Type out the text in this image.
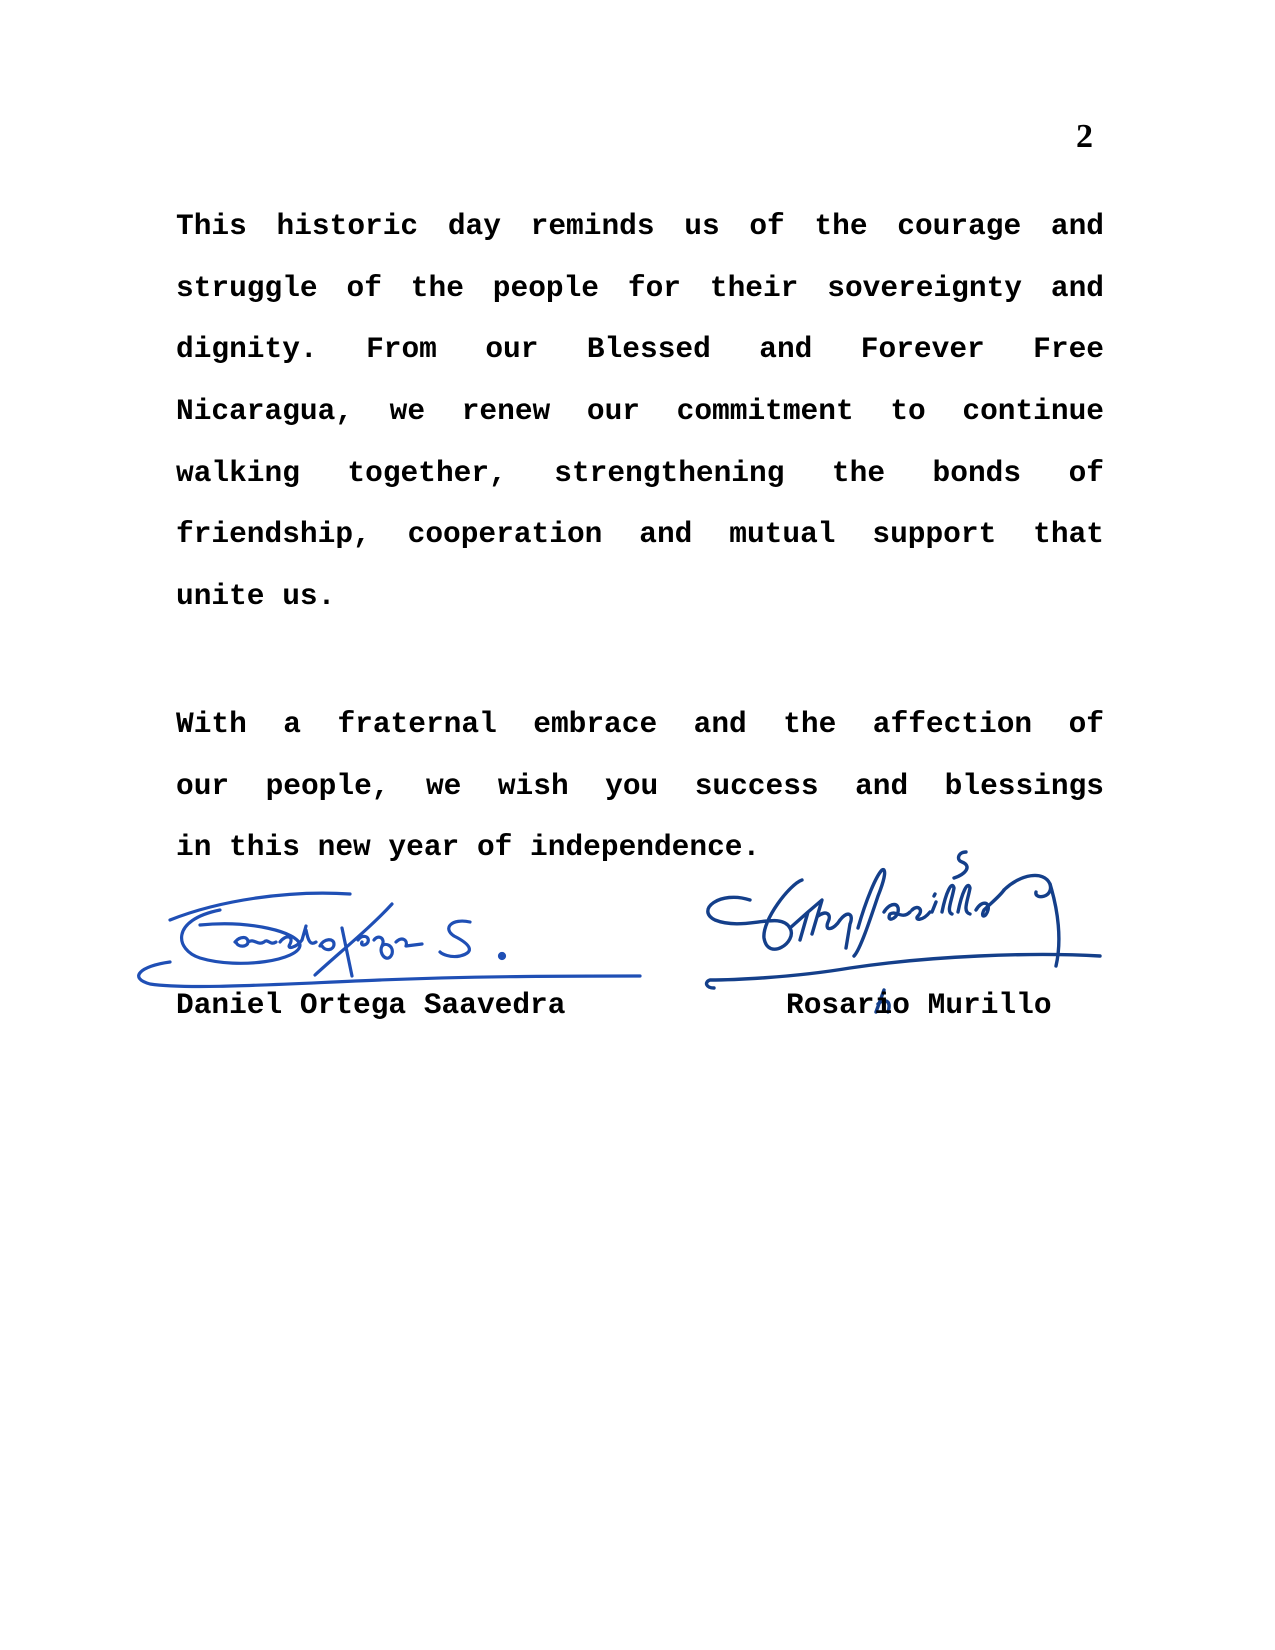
2
This historic day reminds us of the courage and
struggle of the people for their sovereignty and
dignity. From our Blessed and Forever Free
Nicaragua, we renew our commitment to continue
walking together, strengthening the bonds of
friendship, cooperation and mutual support that
unite us.
With a fraternal embrace and the affection of
our people, we wish you success and blessings
in this new year of independence.
Daniel Ortega Saavedra	Rosario Murillo
